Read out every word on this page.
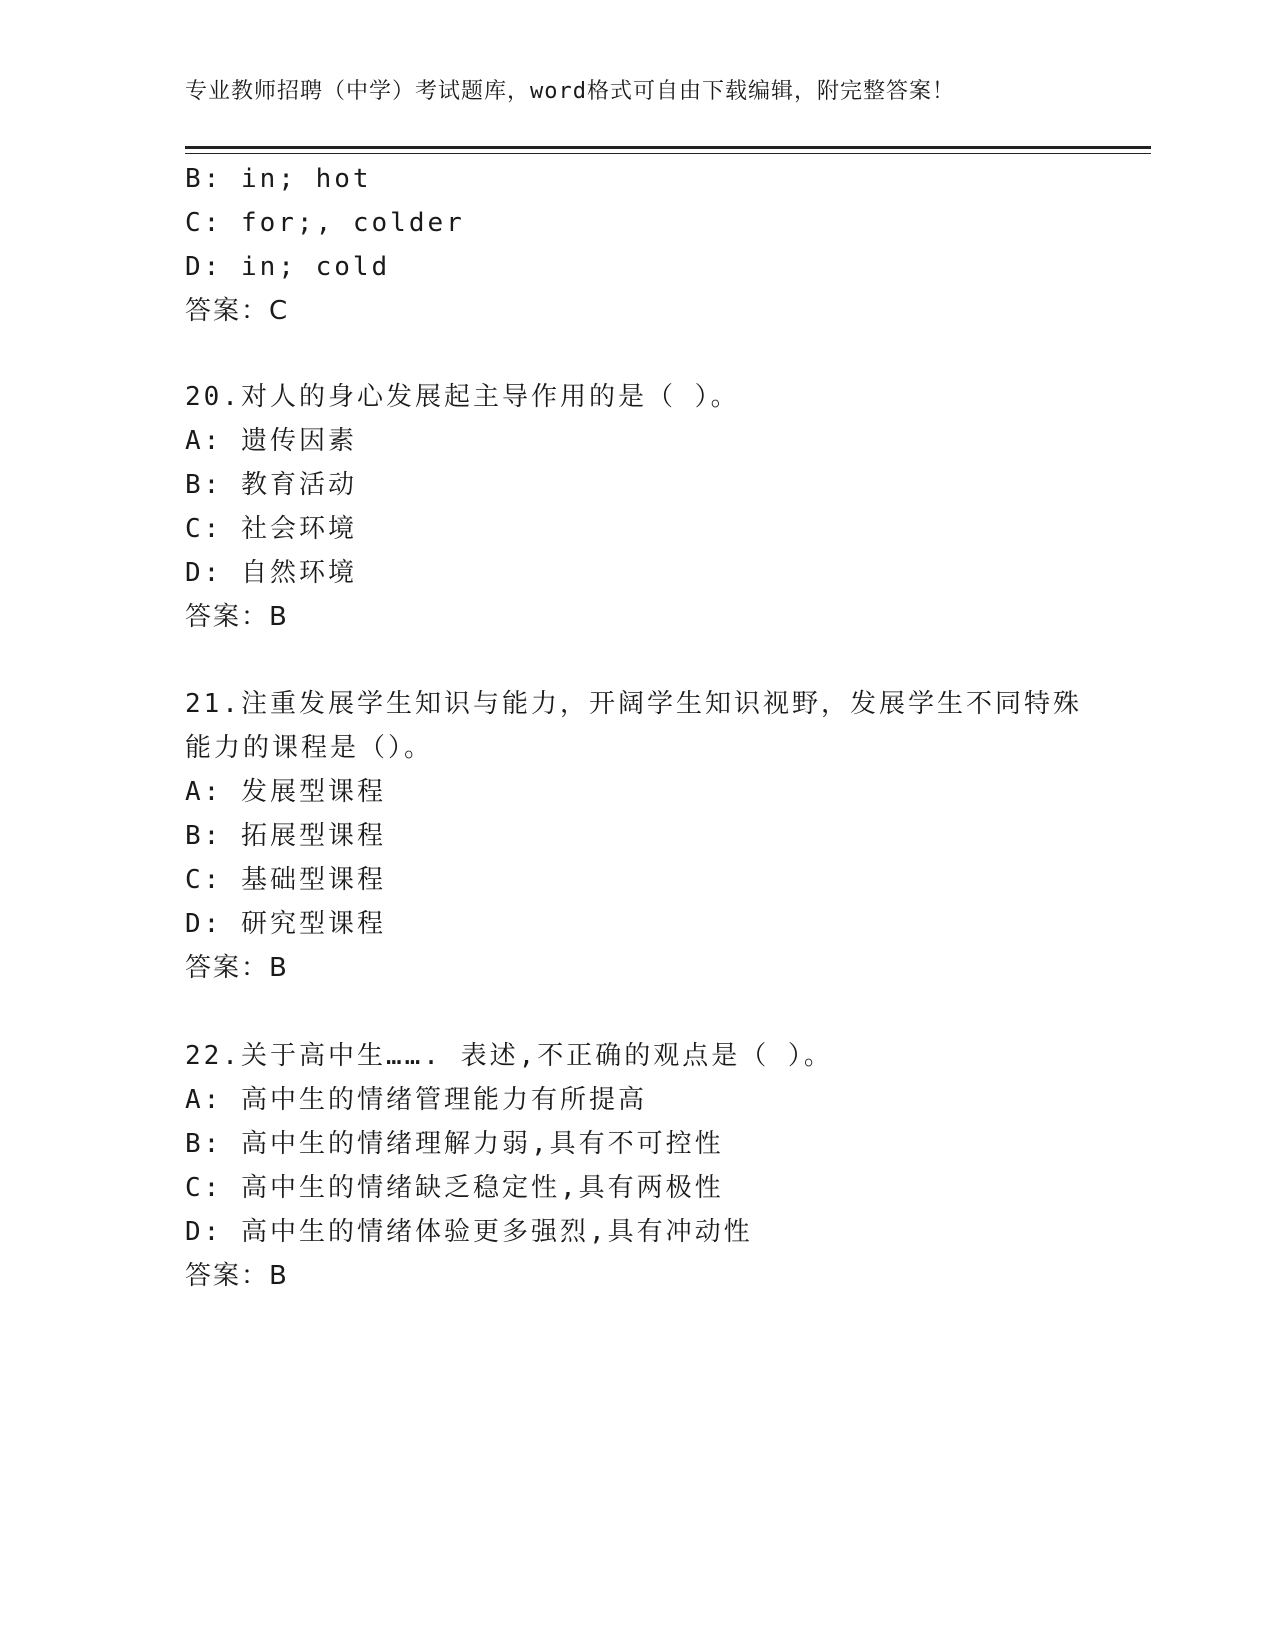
专业教师招聘（中学）考试题库，word格式可自由下载编辑，附完整答案！
B: in; hot
C: for;, colder
D: in; cold
答案：C
20.对人的身心发展起主导作用的是（ ）。
A: 遗传因素
B: 教育活动
C: 社会环境
D: 自然环境
答案：B
21.注重发展学生知识与能力，开阔学生知识视野，发展学生不同特殊
能力的课程是（）。
A: 发展型课程
B: 拓展型课程
C: 基础型课程
D: 研究型课程
答案：B
22.关于高中生……. 表述,不正确的观点是（ ）。
A: 高中生的情绪管理能力有所提高
B: 高中生的情绪理解力弱,具有不可控性
C: 高中生的情绪缺乏稳定性,具有两极性
D: 高中生的情绪体验更多强烈,具有冲动性
答案：B
